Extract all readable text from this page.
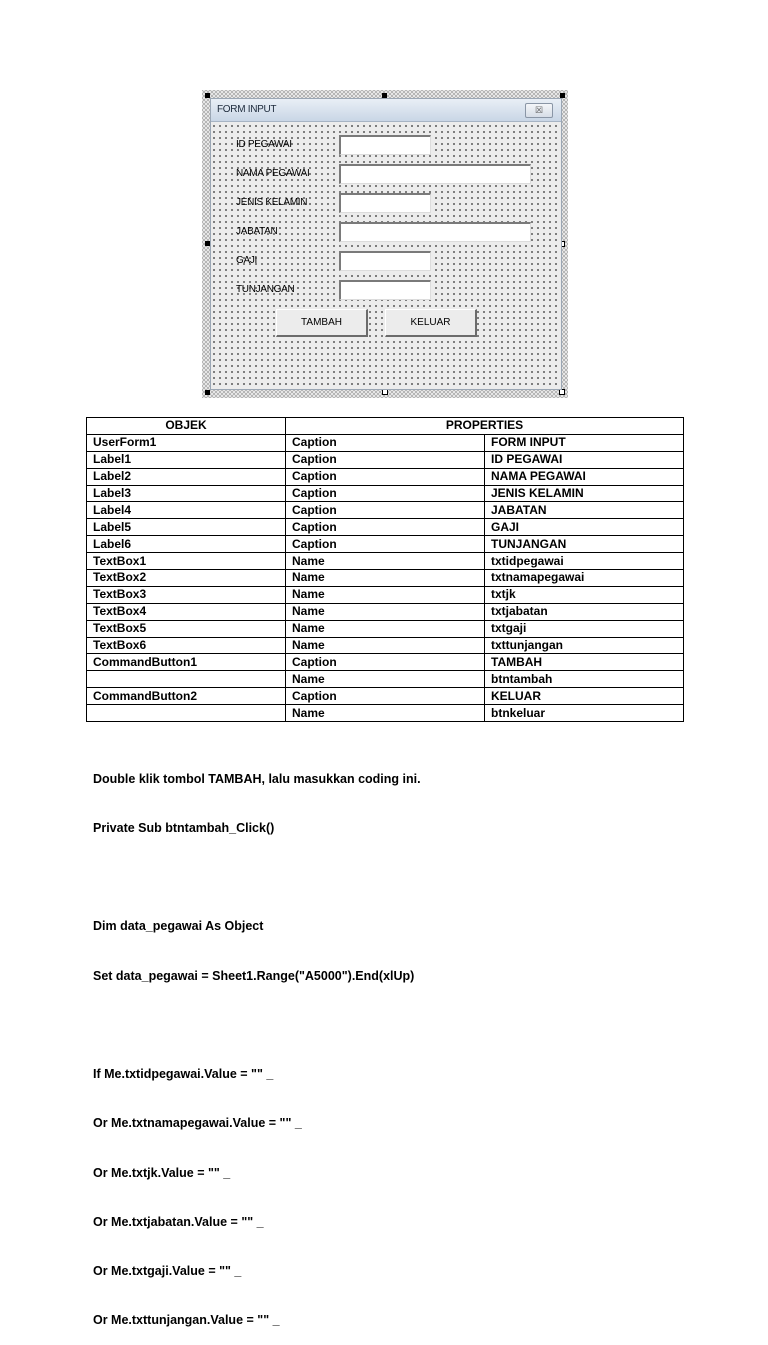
FORM INPUT	☒
ID PEGAWAI
NAMA PEGAWAI
JENIS KELAMIN
JABATAN
GAJI
TUNJANGAN
TAMBAH	KELUAR
OBJEK	PROPERTIES	
UserForm1	Caption	FORM INPUT
Label1	Caption	ID PEGAWAI
Label2	Caption	NAMA PEGAWAI
Label3	Caption	JENIS KELAMIN
Label4	Caption	JABATAN
Label5	Caption	GAJI
Label6	Caption	TUNJANGAN
TextBox1	Name	txtidpegawai
TextBox2	Name	txtnamapegawai
TextBox3	Name	txtjk
TextBox4	Name	txtjabatan
TextBox5	Name	txtgaji
TextBox6	Name	txttunjangan
CommandButton1	Caption	TAMBAH
	Name	btntambah
CommandButton2	Caption	KELUAR
	Name	btnkeluar

Double klik tombol TAMBAH, lalu masukkan coding ini.

Private Sub btntambah_Click()

Dim data_pegawai As Object

Set data_pegawai = Sheet1.Range("A5000").End(xlUp)

If Me.txtidpegawai.Value = "" _

Or Me.txtnamapegawai.Value = "" _

Or Me.txtjk.Value = "" _

Or Me.txtjabatan.Value = "" _

Or Me.txtgaji.Value = "" _

Or Me.txttunjangan.Value = "" _
